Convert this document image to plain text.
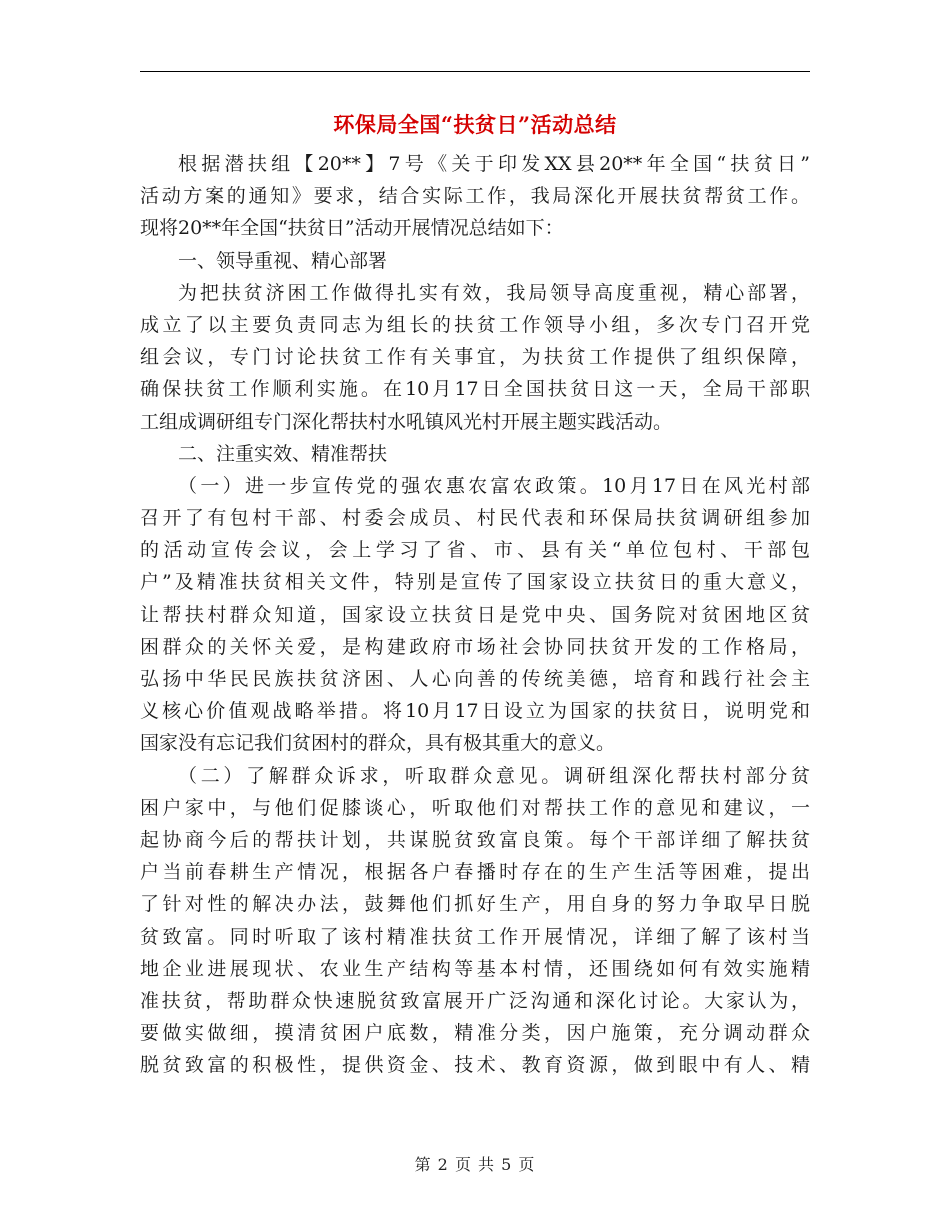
环保局全国“扶贫日”活动总结
根据潜扶组【20**】7号《关于印发XX县20**年全国“扶贫日”
活动方案的通知》要求，结合实际工作，我局深化开展扶贫帮贫工作。
现将20**年全国“扶贫日”活动开展情况总结如下：
一、领导重视、精心部署
为把扶贫济困工作做得扎实有效，我局领导高度重视，精心部署，
成立了以主要负责同志为组长的扶贫工作领导小组，多次专门召开党
组会议，专门讨论扶贫工作有关事宜，为扶贫工作提供了组织保障，
确保扶贫工作顺利实施。在10月17日全国扶贫日这一天，全局干部职
工组成调研组专门深化帮扶村水吼镇风光村开展主题实践活动。
二、注重实效、精准帮扶
（一）进一步宣传党的强农惠农富农政策。10月17日在风光村部
召开了有包村干部、村委会成员、村民代表和环保局扶贫调研组参加
的活动宣传会议，会上学习了省、市、县有关“单位包村、干部包
户”及精准扶贫相关文件，特别是宣传了国家设立扶贫日的重大意义，
让帮扶村群众知道，国家设立扶贫日是党中央、国务院对贫困地区贫
困群众的关怀关爱，是构建政府市场社会协同扶贫开发的工作格局，
弘扬中华民民族扶贫济困、人心向善的传统美德，培育和践行社会主
义核心价值观战略举措。将10月17日设立为国家的扶贫日，说明党和
国家没有忘记我们贫困村的群众，具有极其重大的意义。
（二）了解群众诉求，听取群众意见。调研组深化帮扶村部分贫
困户家中，与他们促膝谈心，听取他们对帮扶工作的意见和建议，一
起协商今后的帮扶计划，共谋脱贫致富良策。每个干部详细了解扶贫
户当前春耕生产情况，根据各户春播时存在的生产生活等困难，提出
了针对性的解决办法，鼓舞他们抓好生产，用自身的努力争取早日脱
贫致富。同时听取了该村精准扶贫工作开展情况，详细了解了该村当
地企业进展现状、农业生产结构等基本村情，还围绕如何有效实施精
准扶贫，帮助群众快速脱贫致富展开广泛沟通和深化讨论。大家认为，
要做实做细，摸清贫困户底数，精准分类，因户施策，充分调动群众
脱贫致富的积极性，提供资金、技术、教育资源，做到眼中有人、精
第 2 页 共 5 页
